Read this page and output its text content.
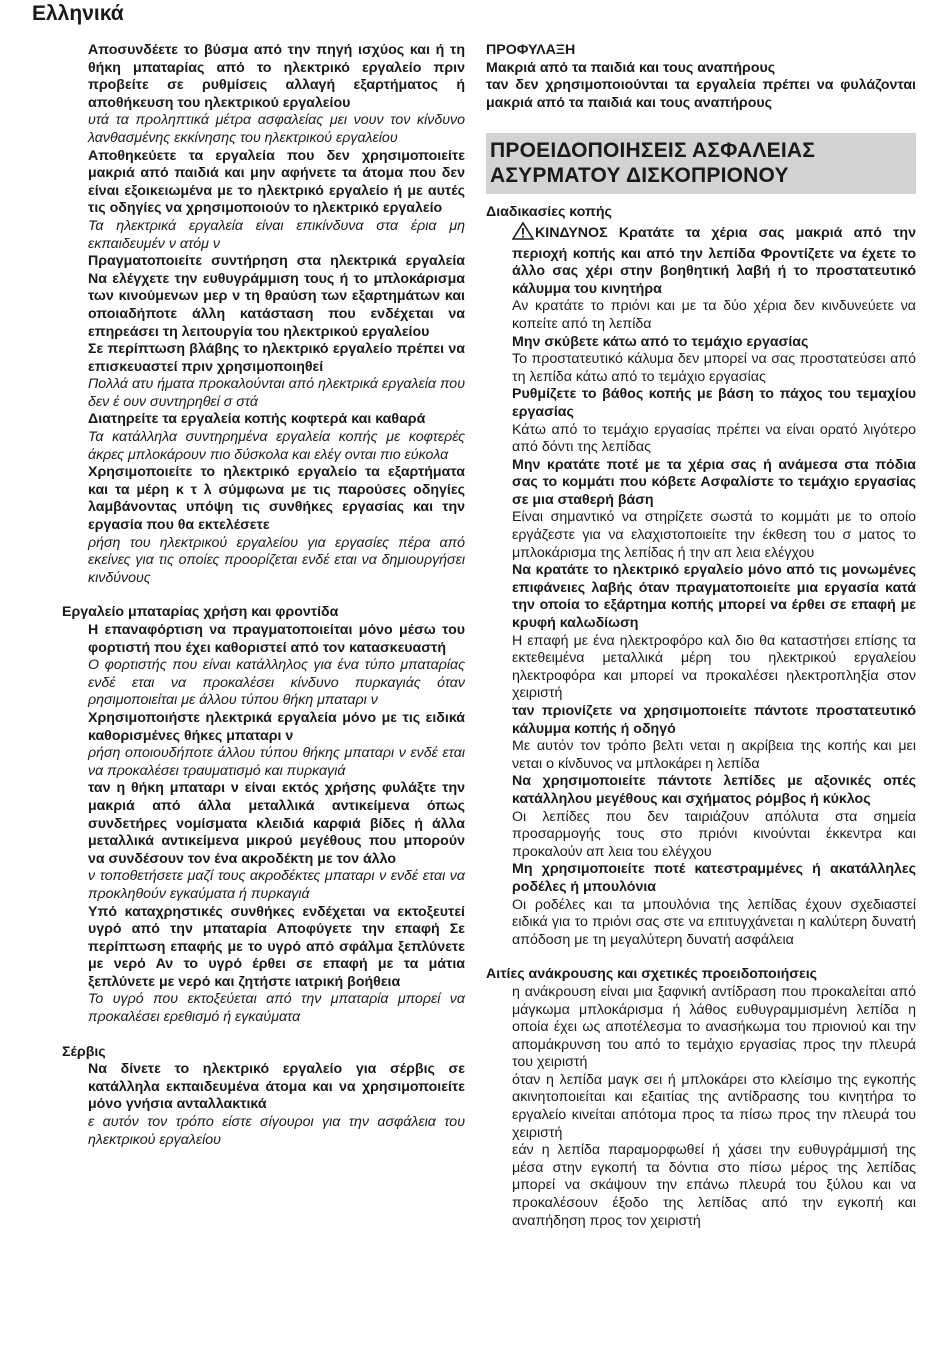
Ελληνικά

Αποσυνδέετε το βύσμα από την πηγή ισχύος και ή τη θήκη μπαταρίας από το ηλεκτρικό εργαλείο πριν προβείτε σε ρυθμίσεις αλλαγή εξαρτήματος ή αποθήκευση του ηλεκτρικού εργαλείου

υτά τα προληπτικά μέτρα ασφαλείας μει νουν τον κίνδυνο λανθασμένης εκκίνησης του ηλεκτρικού εργαλείου

Αποθηκεύετε τα εργαλεία που δεν χρησιμοποιείτε μακριά από παιδιά και μην αφήνετε τα άτομα που δεν είναι εξοικειωμένα με το ηλεκτρικό εργαλείο ή με αυτές τις οδηγίες να χρησιμοποιούν το ηλεκτρικό εργαλείο

Τα ηλεκτρικά εργαλεία είναι επικίνδυνα στα έρια μη εκπαιδευμέν ν ατόμ ν

Πραγματοποιείτε συντήρηση στα ηλεκτρικά εργαλεία Να ελέγχετε την ευθυγράμμιση τους ή το μπλοκάρισμα των κινούμενων μερ ν τη θραύση των εξαρτημάτων και οποιαδήποτε άλλη κατάσταση που ενδέχεται να επηρεάσει τη λειτουργία του ηλεκτρικού εργαλείου

Σε περίπτωση βλάβης το ηλεκτρικό εργαλείο πρέπει να επισκευαστεί πριν χρησιμοποιηθεί

Πολλά ατυ ήματα προκαλούνται από ηλεκτρικά εργαλεία που δεν έ ουν συντηρηθεί σ στά

Διατηρείτε τα εργαλεία κοπής κοφτερά και καθαρά

Τα κατάλληλα συντηρημένα εργαλεία κοπής με κοφτερές άκρες μπλοκάρουν πιο δύσκολα και ελέγ ονται πιο εύκολα

Χρησιμοποιείτε το ηλεκτρικό εργαλείο τα εξαρτήματα και τα μέρη κ τ λ σύμφωνα με τις παρούσες οδηγίες λαμβάνοντας υπόψη τις συνθήκες εργασίας και την εργασία που θα εκτελέσετε

ρήση του ηλεκτρικού εργαλείου για εργασίες πέρα από εκείνες για τις οποίες προορίζεται ενδέ εται να δημιουργήσει κινδύνους

Εργαλείο μπαταρίας χρήση και φροντίδα

Η επαναφόρτιση να πραγματοποιείται μόνο μέσω του φορτιστή που έχει καθοριστεί από τον κατασκευαστή

Ο φορτιστής που είναι κατάλληλος για ένα τύπο μπαταρίας ενδέ εται να προκαλέσει κίνδυνο πυρκαγιάς όταν ρησιμοποιείται με άλλου τύπου θήκη μπαταρι ν

Χρησιμοποιήστε ηλεκτρικά εργαλεία μόνο με τις ειδικά καθορισμένες θήκες μπαταρι ν

ρήση οποιουδήποτε άλλου τύπου θήκης μπαταρι ν ενδέ εται να προκαλέσει τραυματισμό και πυρκαγιά

ταν η θήκη μπαταρι ν είναι εκτός χρήσης φυλάξτε την μακριά από άλλα μεταλλικά αντικείμενα όπως συνδετήρες νομίσματα κλειδιά καρφιά βίδες ή άλλα μεταλλικά αντικείμενα μικρού μεγέθους που μπορούν να συνδέσουν τον ένα ακροδέκτη με τον άλλο

ν τοποθετήσετε μαζί τους ακροδέκτες μπαταρι ν ενδέ εται να προκληθούν εγκαύματα ή πυρκαγιά

Υπό καταχρηστικές συνθήκες ενδέχεται να εκτοξευτεί υγρό από την μπαταρία Αποφύγετε την επαφή Σε περίπτωση επαφής με το υγρό από σφάλμα ξεπλύνετε με νερό Αν το υγρό έρθει σε επαφή με τα μάτια ξεπλύνετε με νερό και ζητήστε ιατρική βοήθεια

Το υγρό που εκτοξεύεται από την μπαταρία μπορεί να προκαλέσει ερεθισμό ή εγκαύματα

Σέρβις

Να δίνετε το ηλεκτρικό εργαλείο για σέρβις σε κατάλληλα εκπαιδευμένα άτομα και να χρησιμοποιείτε μόνο γνήσια ανταλλακτικά

ε αυτόν τον τρόπο είστε σίγουροι για την ασφάλεια του ηλεκτρικού εργαλείου

ΠΡΟΦΥΛΑΞΗ

Μακριά από τα παιδιά και τους αναπήρους

ταν δεν χρησιμοποιούνται τα εργαλεία πρέπει να φυλάζονται μακριά από τα παιδιά και τους αναπήρους

ΠΡΟΕΙΔΟΠΟΙΗΣΕΙΣ ΑΣΦΑΛΕΙΑΣ
ΑΣΥΡΜΑΤΟΥ ΔΙΣΚΟΠΡΙΟΝΟΥ

Διαδικασίες κοπής

ΚΙΝΔΥΝΟΣ Κρατάτε τα χέρια σας μακριά από την περιοχή κοπής και από την λεπίδα Φροντίζετε να έχετε το άλλο σας χέρι στην βοηθητική λαβή ή το προστατευτικό κάλυμμα του κινητήρα

Αν κρατάτε το πριόνι και με τα δύο χέρια δεν κινδυνεύετε να κοπείτε από τη λεπίδα

Μην σκύβετε κάτω από το τεμάχιο εργασίας

Το προστατευτικό κάλυμα δεν μπορεί να σας προστατεύσει από τη λεπίδα κάτω από το τεμάχιο εργασίας

Ρυθμίζετε το βάθος κοπής με βάση το πάχος του τεμαχίου εργασίας

Κάτω από το τεμάχιο εργασίας πρέπει να είναι ορατό λιγότερο από δόντι της λεπίδας

Μην κρατάτε ποτέ με τα χέρια σας ή ανάμεσα στα πόδια σας το κομμάτι που κόβετε Ασφαλίστε το τεμάχιο εργασίας σε μια σταθερή βάση

Είναι σημαντικό να στηρίζετε σωστά το κομμάτι με το οποίο εργάζεστε για να ελαχιστοποιείτε την έκθεση του σ ματος το μπλοκάρισμα της λεπίδας ή την απ λεια ελέγχου

Να κρατάτε το ηλεκτρικό εργαλείο μόνο από τις μονωμένες επιφάνειες λαβής όταν πραγματοποιείτε μια εργασία κατά την οποία το εξάρτημα κοπής μπορεί να έρθει σε επαφή με κρυφή καλωδίωση

Η επαφή με ένα ηλεκτροφόρο καλ διο θα καταστήσει επίσης τα εκτεθειμένα μεταλλικά μέρη του ηλεκτρικού εργαλείου ηλεκτροφόρα και μπορεί να προκαλέσει ηλεκτροπληξία στον χειριστή

ταν πριονίζετε να χρησιμοποιείτε πάντοτε προστατευτικό κάλυμμα κοπής ή οδηγό

Με αυτόν τον τρόπο βελτι νεται η ακρίβεια της κοπής και μει νεται ο κίνδυνος να μπλοκάρει η λεπίδα

Να χρησιμοποιείτε πάντοτε λεπίδες με αξονικές οπές κατάλληλου μεγέθους και σχήματος ρόμβος ή κύκλος

Οι λεπίδες που δεν ταιριάζουν απόλυτα στα σημεία προσαρμογής τους στο πριόνι κινούνται έκκεντρα και προκαλούν απ λεια του ελέγχου

Μη χρησιμοποιείτε ποτέ κατεστραμμένες ή ακατάλληλες ροδέλες ή μπουλόνια

Οι ροδέλες και τα μπουλόνια της λεπίδας έχουν σχεδιαστεί ειδικά για το πριόνι σας στε να επιτυγχάνεται η καλύτερη δυνατή απόδοση με τη μεγαλύτερη δυνατή ασφάλεια

Αιτίες ανάκρουσης και σχετικές προειδοποιήσεις

η ανάκρουση είναι μια ξαφνική αντίδραση που προκαλείται από μάγκωμα μπλοκάρισμα ή λάθος ευθυγραμμισμένη λεπίδα η οποία έχει ως αποτέλεσμα το ανασήκωμα του πριονιού και την απομάκρυνση του από το τεμάχιο εργασίας προς την πλευρά του χειριστή

όταν η λεπίδα μαγκ σει ή μπλοκάρει στο κλείσιμο της εγκοπής ακινητοποιείται και εξαιτίας της αντίδρασης του κινητήρα το εργαλείο κινείται απότομα προς τα πίσω προς την πλευρά του χειριστή

εάν η λεπίδα παραμορφωθεί ή χάσει την ευθυγράμμισή της μέσα στην εγκοπή τα δόντια στο πίσω μέρος της λεπίδας μπορεί να σκάψουν την επάνω πλευρά του ξύλου και να προκαλέσουν έξοδο της λεπίδας από την εγκοπή και αναπήδηση προς τον χειριστή
